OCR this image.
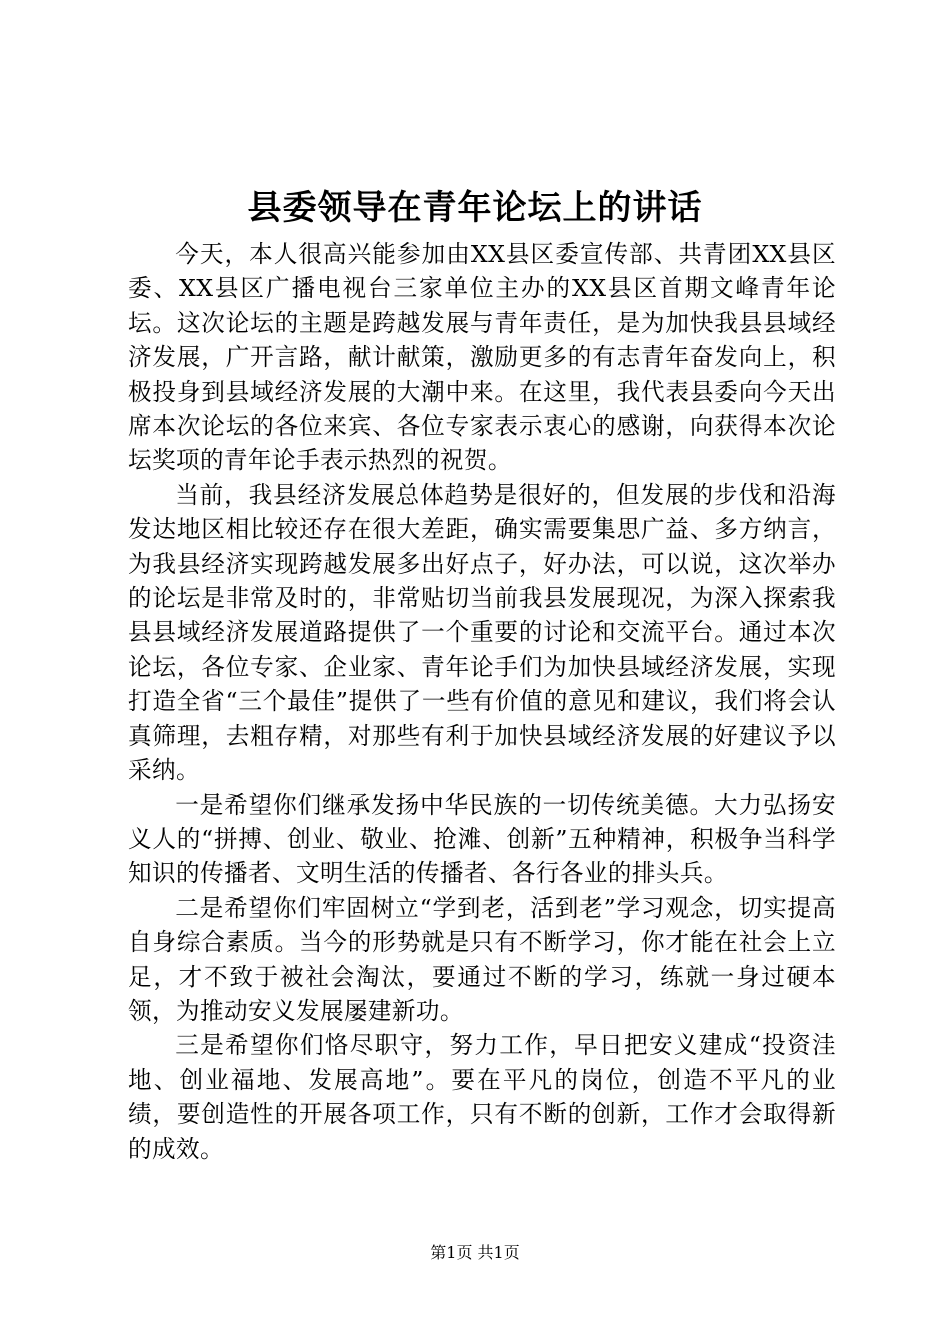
县委领导在青年论坛上的讲话

今天，本人很高兴能参加由XX县区委宣传部、共青团XX县区委、XX县区广播电视台三家单位主办的XX县区首期文峰青年论坛。这次论坛的主题是跨越发展与青年责任，是为加快我县县域经济发展，广开言路，献计献策，激励更多的有志青年奋发向上，积极投身到县域经济发展的大潮中来。在这里，我代表县委向今天出席本次论坛的各位来宾、各位专家表示衷心的感谢，向获得本次论坛奖项的青年论手表示热烈的祝贺。

当前，我县经济发展总体趋势是很好的，但发展的步伐和沿海发达地区相比较还存在很大差距，确实需要集思广益、多方纳言，为我县经济实现跨越发展多出好点子，好办法，可以说，这次举办的论坛是非常及时的，非常贴切当前我县发展现况，为深入探索我县县域经济发展道路提供了一个重要的讨论和交流平台。通过本次论坛，各位专家、企业家、青年论手们为加快县域经济发展，实现打造全省“三个最佳”提供了一些有价值的意见和建议，我们将会认真筛理，去粗存精，对那些有利于加快县域经济发展的好建议予以采纳。

一是希望你们继承发扬中华民族的一切传统美德。大力弘扬安义人的“拼搏、创业、敬业、抢滩、创新”五种精神，积极争当科学知识的传播者、文明生活的传播者、各行各业的排头兵。

二是希望你们牢固树立“学到老，活到老”学习观念，切实提高自身综合素质。当今的形势就是只有不断学习，你才能在社会上立足，才不致于被社会淘汰，要通过不断的学习，练就一身过硬本领，为推动安义发展屡建新功。

三是希望你们恪尽职守，努力工作，早日把安义建成“投资洼地、创业福地、发展高地”。要在平凡的岗位，创造不平凡的业绩，要创造性的开展各项工作，只有不断的创新，工作才会取得新的成效。

第1页 共1页
